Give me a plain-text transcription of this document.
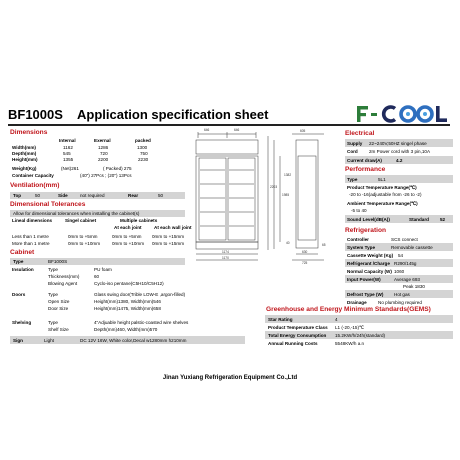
BF1000S Application specification sheet
Dimensions
Internal	Exernal	packed
Width(mm)	1162	1286	1300
Depth(mm)	545	720	750
Height(mm)	1355	2200	2230
Weight(Kg)	(Net)261	( Packed) 275
Container Capacity	(40") 27Pcs ; (20") 13Pcs
Ventilation(mm)
Top	50	Side	not required	Rear	50
Dimensional Tolerances
Allow for dimensional tolerances when installing the cabinet(s)
Lineal dimensions	Singel cabinet	Multiple cabinets
At each joint	At each wall joint
Less than 1 metre	0mm to +5mm	0mm to +5mm 0mm to +15mm
More than 1 metre	0mm to +10mm	0mm to +10mm 0mm to +15mm
Cabinet
Type	BF1000S
Insulation	Type	PU foam
Thickness(mm)	60
Blowing Agent	Cyclo-iso pentane(C5H10/C5H12)
Doors	Type	Glass swing door(Trible LOW-E ,argon-filled)
Open Size	Height(mm)1380, Width(mm)546
Door Size	Height(mm)1475, Width(mm)658
Shelving	Type	4"Adjuable height palstic-coasted wire shelves
Shelf Size	Depth(mm)460, Width(mm)570
Sign	Light	DC 12V 16W, White color,Decal w1280mm h210mm
646	646	605
1985
2203
1382
40	65
1174
1170
630
725
Electrical
Supply 22~240V,50HZ singel phase
Cord 2m Power cord with 3 pin,10A
Current draw(A)	4.2
Performance
Type	5L1
Product Temperature Range(℃)
-20 to -16(adjustable from -26 to -2)
Ambient Temperature Range(℃)
-5 to 40
Sound Level(dB(A))	Standard 52
Refrigeration
Controller	SCS connect
System Type	Removable cassette
Cassette Weight (Kg) 54
Refrigerant /Charge R290/145g
Normal Capacity (W) 1060
Input Power(W)	Average 693
Peak 1830
Defrost Type (W) Hot gas
Drainage No plumbing required
Greenhouse and Energy Minimum Standards(GEMS)
Star Rating	4
Product Temperature Class L1 (-20,-15)℃
Total Energy Consumption 15.2KW/h/24h(standard)
Annual Running Costs	5548KW/h a.n
Jinan Yuxiang Refrigeration Equipment Co.,Ltd
